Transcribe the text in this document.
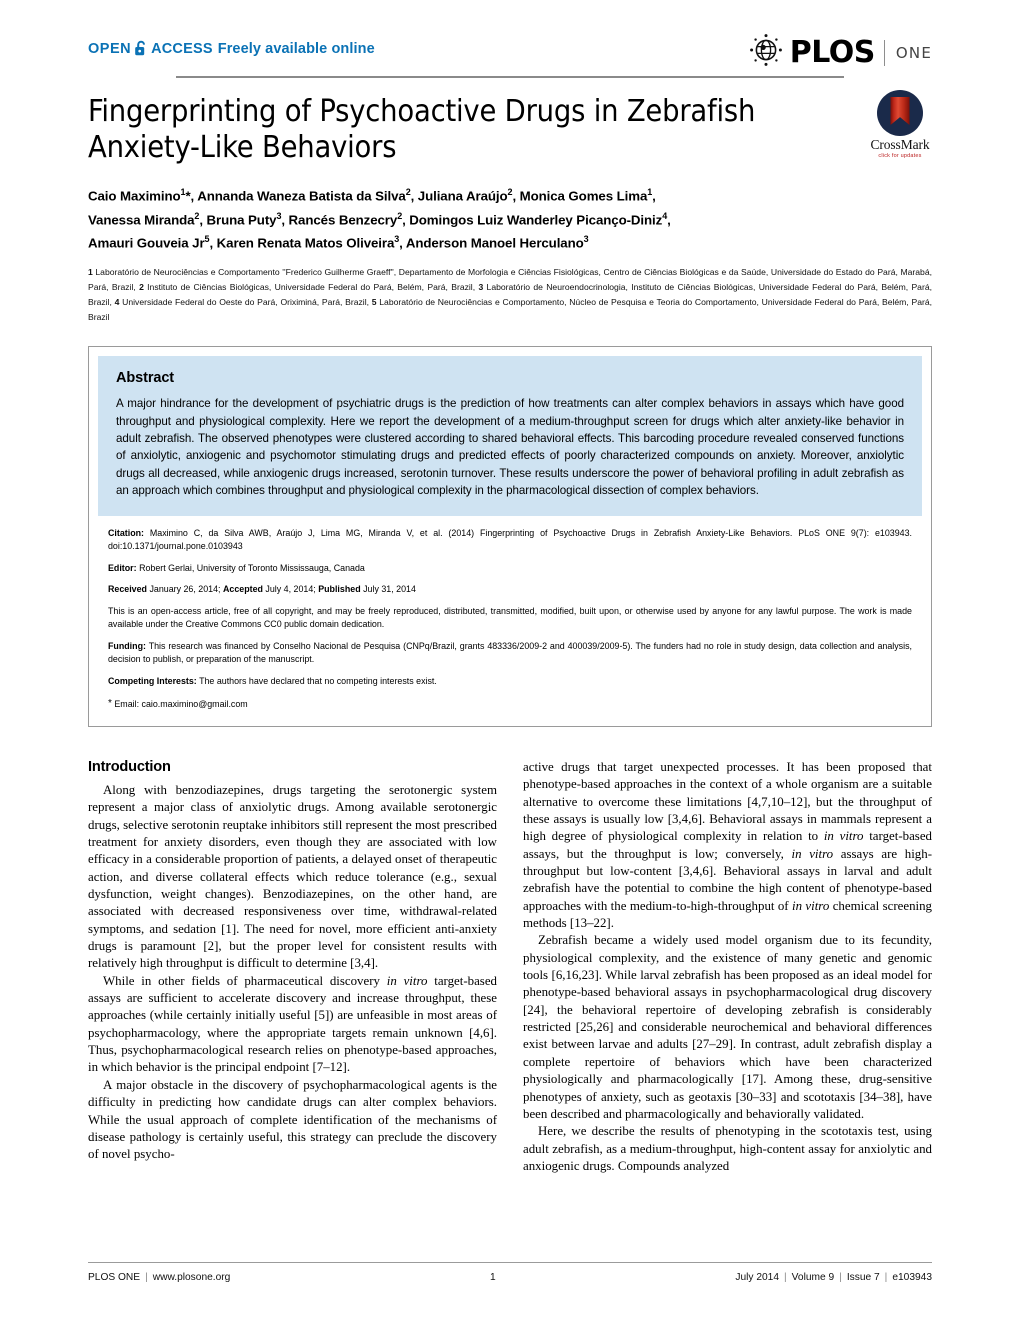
OPEN ACCESS Freely available online	PLOS ONE
CrossMark
click for updates
Fingerprinting of Psychoactive Drugs in Zebrafish Anxiety-Like Behaviors
Caio Maximino$^1$*, Annanda Waneza Batista da Silva$^2$, Juliana Araújo$^2$, Monica Gomes Lima$^1$,
Vanessa Miranda$^2$, Bruna Puty$^3$, Rancés Benzecry$^2$, Domingos Luiz Wanderley Picanço-Diniz$^4$,
Amauri Gouveia Jr$^5$, Karen Renata Matos Oliveira$^3$, Anderson Manoel Herculano$^3$
1 Laboratório de Neurociências e Comportamento ''Frederico Guilherme Graeff'', Departamento de Morfologia e Ciências Fisiológicas, Centro de Ciências Biológicas e da Saúde, Universidade do Estado do Pará, Marabá, Pará, Brazil, 2 Instituto de Ciências Biológicas, Universidade Federal do Pará, Belém, Pará, Brazil, 3 Laboratório de Neuroendocrinologia, Instituto de Ciências Biológicas, Universidade Federal do Pará, Belém, Pará, Brazil, 4 Universidade Federal do Oeste do Pará, Oriximiná, Pará, Brazil, 5 Laboratório de Neurociências e Comportamento, Núcleo de Pesquisa e Teoria do Comportamento, Universidade Federal do Pará, Belém, Pará, Brazil
Abstract

A major hindrance for the development of psychiatric drugs is the prediction of how treatments can alter complex behaviors in assays which have good throughput and physiological complexity. Here we report the development of a medium-throughput screen for drugs which alter anxiety-like behavior in adult zebrafish. The observed phenotypes were clustered according to shared behavioral effects. This barcoding procedure revealed conserved functions of anxiolytic, anxiogenic and psychomotor stimulating drugs and predicted effects of poorly characterized compounds on anxiety. Moreover, anxiolytic drugs all decreased, while anxiogenic drugs increased, serotonin turnover. These results underscore the power of behavioral profiling in adult zebrafish as an approach which combines throughput and physiological complexity in the pharmacological dissection of complex behaviors.

Citation: Maximino C, da Silva AWB, Araújo J, Lima MG, Miranda V, et al. (2014) Fingerprinting of Psychoactive Drugs in Zebrafish Anxiety-Like Behaviors. PLoS ONE 9(7): e103943. doi:10.1371/journal.pone.0103943

Editor: Robert Gerlai, University of Toronto Mississauga, Canada

Received January 26, 2014; Accepted July 4, 2014; Published July 31, 2014

This is an open-access article, free of all copyright, and may be freely reproduced, distributed, transmitted, modified, built upon, or otherwise used by anyone for any lawful purpose. The work is made available under the Creative Commons CC0 public domain dedication.

Funding: This research was financed by Conselho Nacional de Pesquisa (CNPq/Brazil, grants 483336/2009-2 and 400039/2009-5). The funders had no role in study design, data collection and analysis, decision to publish, or preparation of the manuscript.

Competing Interests: The authors have declared that no competing interests exist.

* Email: caio.maximino@gmail.com

Introduction

Along with benzodiazepines, drugs targeting the serotonergic system represent a major class of anxiolytic drugs. Among available serotonergic drugs, selective serotonin reuptake inhibitors still represent the most prescribed treatment for anxiety disorders, even though they are associated with low efficacy in a considerable proportion of patients, a delayed onset of therapeutic action, and diverse collateral effects which reduce tolerance (e.g., sexual dysfunction, weight changes). Benzodiazepines, on the other hand, are associated with decreased responsiveness over time, withdrawal-related symptoms, and sedation [1]. The need for novel, more efficient anti-anxiety drugs is paramount [2], but the proper level for consistent results with relatively high throughput is difficult to determine [3,4].

While in other fields of pharmaceutical discovery in vitro target-based assays are sufficient to accelerate discovery and increase throughput, these approaches (while certainly initially useful [5]) are unfeasible in most areas of psychopharmacology, where the appropriate targets remain unknown [4,6]. Thus, psychopharmacological research relies on phenotype-based approaches, in which behavior is the principal endpoint [7–12].

A major obstacle in the discovery of psychopharmacological agents is the difficulty in predicting how candidate drugs can alter complex behaviors. While the usual approach of complete identification of the mechanisms of disease pathology is certainly useful, this strategy can preclude the discovery of novel psycho-

active drugs that target unexpected processes. It has been proposed that phenotype-based approaches in the context of a whole organism are a suitable alternative to overcome these limitations [4,7,10–12], but the throughput of these assays is usually low [3,4,6]. Behavioral assays in mammals represent a high degree of physiological complexity in relation to in vitro target-based assays, but the throughput is low; conversely, in vitro assays are high-throughput but low-content [3,4,6]. Behavioral assays in larval and adult zebrafish have the potential to combine the high content of phenotype-based approaches with the medium-to-high-throughput of in vitro chemical screening methods [13–22].

Zebrafish became a widely used model organism due to its fecundity, physiological complexity, and the existence of many genetic and genomic tools [6,16,23]. While larval zebrafish has been proposed as an ideal model for phenotype-based behavioral assays in psychopharmacological drug discovery [24], the behavioral repertoire of developing zebrafish is considerably restricted [25,26] and considerable neurochemical and behavioral differences exist between larvae and adults [27–29]. In contrast, adult zebrafish display a complete repertoire of behaviors which have been characterized physiologically and pharmacologically [17]. Among these, drug-sensitive phenotypes of anxiety, such as geotaxis [30–33] and scototaxis [34–38], have been described and pharmacologically and behaviorally validated.

Here, we describe the results of phenotyping in the scototaxis test, using adult zebrafish, as a medium-throughput, high-content assay for anxiolytic and anxiogenic drugs. Compounds analyzed

PLOS ONE | www.plosone.org	1	July 2014 | Volume 9 | Issue 7 | e103943
